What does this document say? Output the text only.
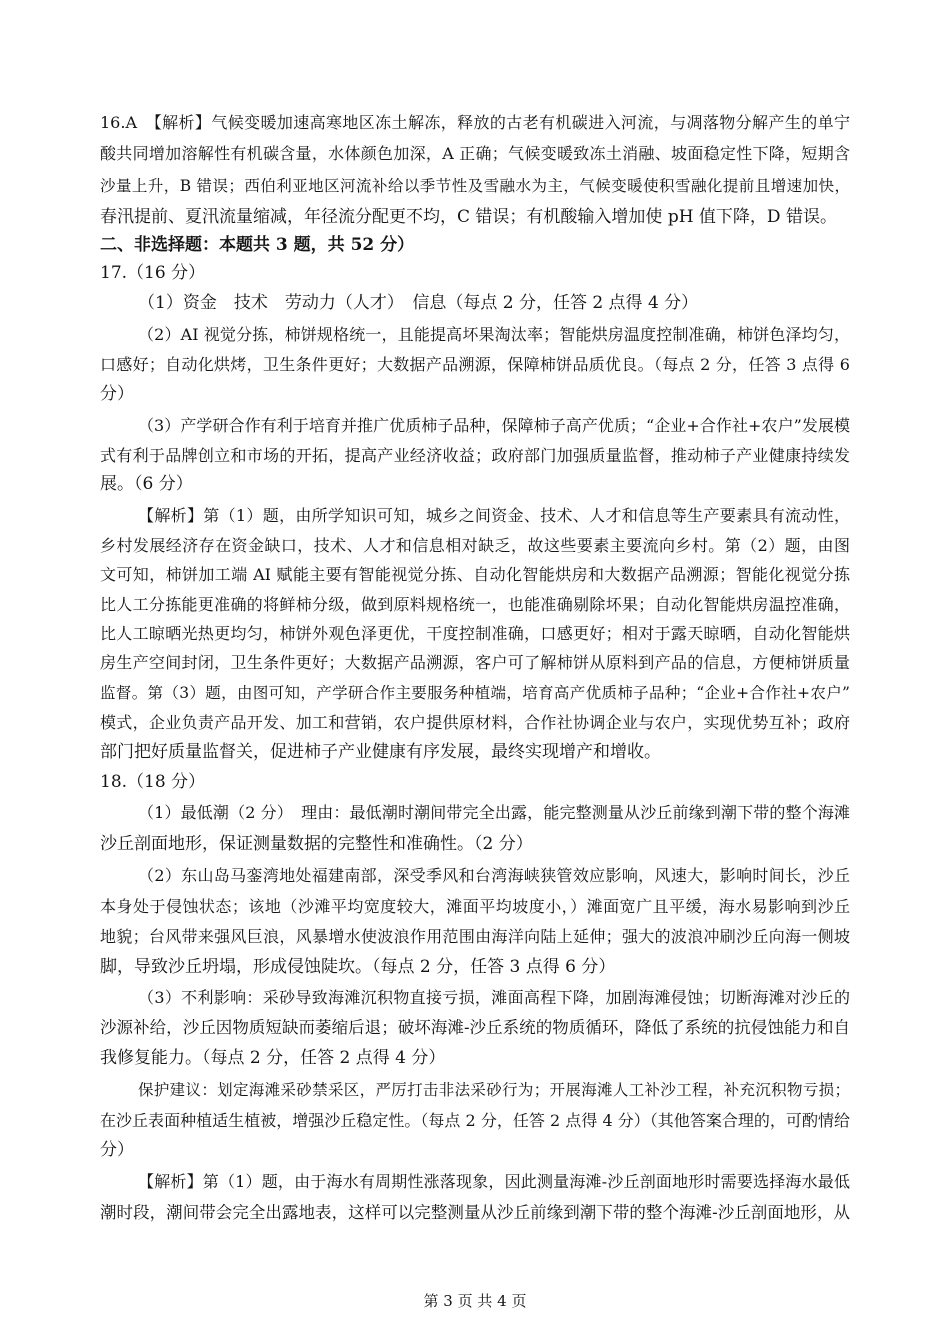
16.A　【解析】气候变暖加速高寒地区冻土解冻，释放的古老有机碳进入河流，与凋落物分解产生的单宁
酸共同增加溶解性有机碳含量，水体颜色加深，A 正确；气候变暖致冻土消融、坡面稳定性下降，短期含
沙量上升，B 错误；西伯利亚地区河流补给以季节性及雪融水为主，气候变暖使积雪融化提前且增速加快，
春汛提前、夏汛流量缩减，年径流分配更不均，C 错误；有机酸输入增加使 pH 值下降，D 错误。
二、非选择题：本题共 3 题，共 52 分）
17.（16 分）
（1）资金　技术　劳动力（人才）　信息（每点 2 分，任答 2 点得 4 分）
（2）AI 视觉分拣，柿饼规格统一，且能提高坏果淘汰率；智能烘房温度控制准确，柿饼色泽均匀，
口感好；自动化烘烤，卫生条件更好；大数据产品溯源，保障柿饼品质优良。（每点 2 分，任答 3 点得 6
分）
（3）产学研合作有利于培育并推广优质柿子品种，保障柿子高产优质；“企业+合作社+农户”发展模
式有利于品牌创立和市场的开拓，提高产业经济收益；政府部门加强质量监督，推动柿子产业健康持续发
展。（6 分）
【解析】第（1）题，由所学知识可知，城乡之间资金、技术、人才和信息等生产要素具有流动性，
乡村发展经济存在资金缺口，技术、人才和信息相对缺乏，故这些要素主要流向乡村。第（2）题，由图
文可知，柿饼加工端 AI 赋能主要有智能视觉分拣、自动化智能烘房和大数据产品溯源；智能化视觉分拣
比人工分拣能更准确的将鲜柿分级，做到原料规格统一，也能准确剔除坏果；自动化智能烘房温控准确，
比人工晾晒光热更均匀，柿饼外观色泽更优，干度控制准确，口感更好；相对于露天晾晒，自动化智能烘
房生产空间封闭，卫生条件更好；大数据产品溯源，客户可了解柿饼从原料到产品的信息，方便柿饼质量
监督。第（3）题，由图可知，产学研合作主要服务种植端，培育高产优质柿子品种；“企业+合作社+农户”
模式，企业负责产品开发、加工和营销，农户提供原材料，合作社协调企业与农户，实现优势互补；政府
部门把好质量监督关，促进柿子产业健康有序发展，最终实现增产和增收。
18.（18 分）
（1）最低潮（2 分）　理由：最低潮时潮间带完全出露，能完整测量从沙丘前缘到潮下带的整个海滩
沙丘剖面地形，保证测量数据的完整性和准确性。（2 分）
（2）东山岛马銮湾地处福建南部，深受季风和台湾海峡狭管效应影响，风速大，影响时间长，沙丘
本身处于侵蚀状态；该地（沙滩平均宽度较大，滩面平均坡度小，）滩面宽广且平缓，海水易影响到沙丘
地貌；台风带来强风巨浪，风暴增水使波浪作用范围由海洋向陆上延伸；强大的波浪冲刷沙丘向海一侧坡
脚，导致沙丘坍塌，形成侵蚀陡坎。（每点 2 分，任答 3 点得 6 分）
（3）不利影响：采砂导致海滩沉积物直接亏损，滩面高程下降，加剧海滩侵蚀；切断海滩对沙丘的
沙源补给，沙丘因物质短缺而萎缩后退；破坏海滩-沙丘系统的物质循环，降低了系统的抗侵蚀能力和自
我修复能力。（每点 2 分，任答 2 点得 4 分）
保护建议：划定海滩采砂禁采区，严厉打击非法采砂行为；开展海滩人工补沙工程，补充沉积物亏损；
在沙丘表面种植适生植被，增强沙丘稳定性。（每点 2 分，任答 2 点得 4 分）（其他答案合理的，可酌情给
分）
【解析】第（1）题，由于海水有周期性涨落现象，因此测量海滩-沙丘剖面地形时需要选择海水最低
潮时段，潮间带会完全出露地表，这样可以完整测量从沙丘前缘到潮下带的整个海滩-沙丘剖面地形，从
第 3 页 共 4 页
